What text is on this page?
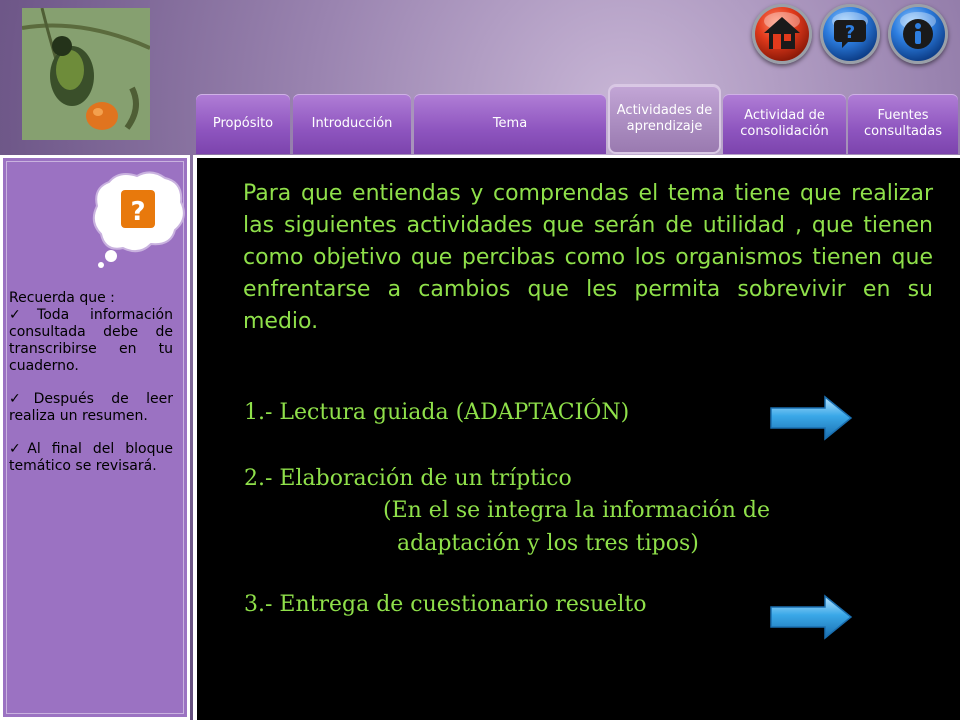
?
Propósito	Introducción	Tema
Actividades de aprendizaje
Actividad de consolidación
Fuentes consultadas
?

Recuerda que :

✓Toda información consultada debe de transcribirse en tu cuaderno.

✓Después de leer realiza un resumen.

✓Al final del bloque temático se revisará.

Para que entiendas y comprendas el tema tiene que realizar las siguientes actividades que serán de utilidad , que tienen como objetivo que percibas como los organismos tienen que enfrentarse a cambios que les permita sobrevivir en su medio.
1.- Lectura guiada (ADAPTACIÓN)
2.- Elaboración de un tríptico
(En el se integra la información de
adaptación y los tres tipos)
3.- Entrega de cuestionario resuelto
